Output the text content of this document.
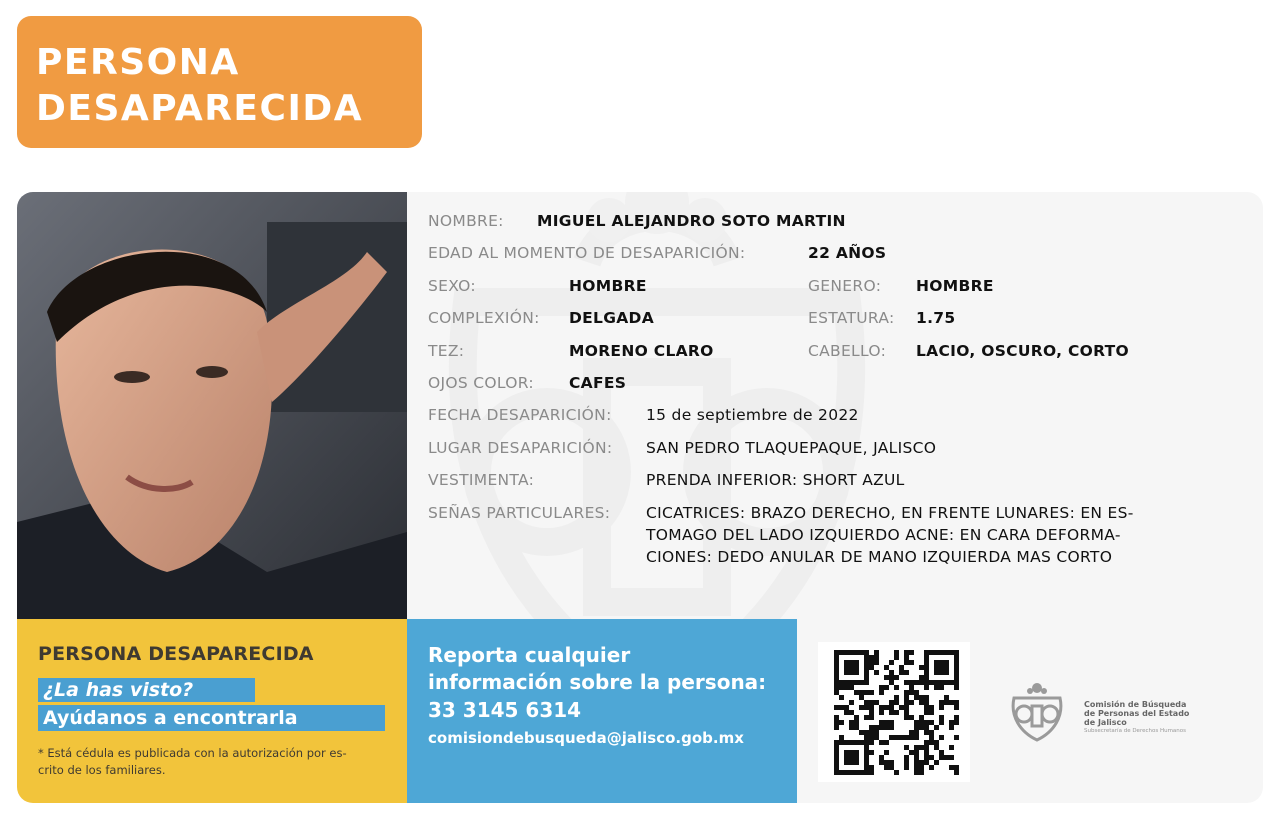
PERSONA
DESAPARECIDA
NOMBRE: MIGUEL ALEJANDRO SOTO MARTIN
EDAD AL MOMENTO DE DESAPARICIÓN:	22 AÑOS
SEXO:	HOMBRE	GENERO: HOMBRE
COMPLEXIÓN: DELGADA	ESTATURA: 1.75
TEZ:	MORENO CLARO	CABELLO: LACIO, OSCURO, CORTO
OJOS COLOR: CAFES
FECHA DESAPARICIÓN: 15 de septiembre de 2022
LUGAR DESAPARICIÓN: SAN PEDRO TLAQUEPAQUE, JALISCO
VESTIMENTA:	PRENDA INFERIOR: SHORT AZUL
SEÑAS PARTICULARES: CICATRICES: BRAZO DERECHO, EN FRENTE LUNARES: EN ES-
TOMAGO DEL LADO IZQUIERDO ACNE: EN CARA DEFORMA-
CIONES: DEDO ANULAR DE MANO IZQUIERDA MAS CORTO
PERSONA DESAPARECIDA
¿La has visto?
Ayúdanos a encontrarla
* Está cédula es publicada con la autorización por es-
crito de los familiares.
Reporta cualquier
información sobre la persona:
33 3145 6314
comisiondebusqueda@jalisco.gob.mx
Comisión de Búsqueda
de Personas del Estado
de Jalisco
Subsecretaría de Derechos Humanos
